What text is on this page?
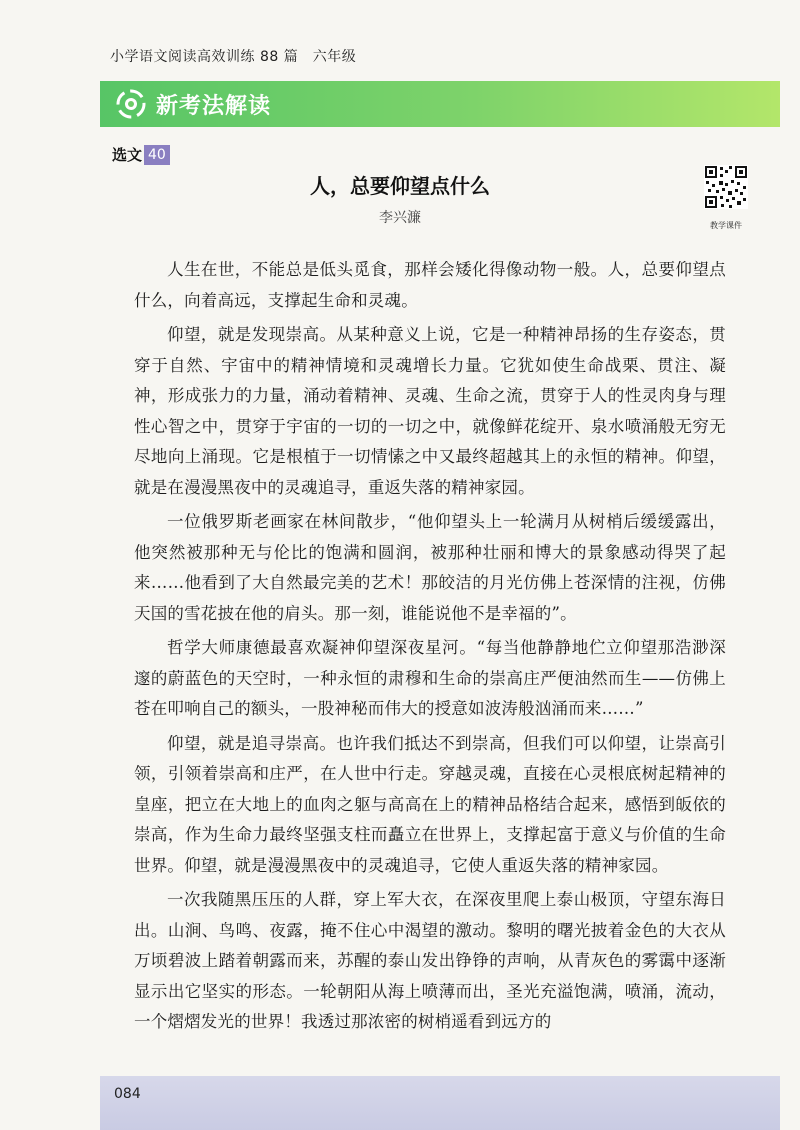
小学语文阅读高效训练 88 篇　六年级
新考法解读
选文 40
人，总要仰望点什么
李兴濂	教学课件

人生在世，不能总是低头觅食，那样会矮化得像动物一般。人，总要仰望点什么，向着高远，支撑起生命和灵魂。

仰望，就是发现崇高。从某种意义上说，它是一种精神昂扬的生存姿态，贯穿于自然、宇宙中的精神情境和灵魂增长力量。它犹如使生命战栗、贯注、凝神，形成张力的力量，涌动着精神、灵魂、生命之流，贯穿于人的性灵肉身与理性心智之中，贯穿于宇宙的一切的一切之中，就像鲜花绽开、泉水喷涌般无穷无尽地向上涌现。它是根植于一切情愫之中又最终超越其上的永恒的精神。仰望，就是在漫漫黑夜中的灵魂追寻，重返失落的精神家园。

一位俄罗斯老画家在林间散步，“他仰望头上一轮满月从树梢后缓缓露出，他突然被那种无与伦比的饱满和圆润，被那种壮丽和博大的景象感动得哭了起来……他看到了大自然最完美的艺术！那皎洁的月光仿佛上苍深情的注视，仿佛天国的雪花披在他的肩头。那一刻，谁能说他不是幸福的”。

哲学大师康德最喜欢凝神仰望深夜星河。“每当他静静地伫立仰望那浩渺深邃的蔚蓝色的天空时，一种永恒的肃穆和生命的崇高庄严便油然而生——仿佛上苍在叩响自己的额头，一股神秘而伟大的授意如波涛般汹涌而来……”

仰望，就是追寻崇高。也许我们抵达不到崇高，但我们可以仰望，让崇高引领，引领着崇高和庄严，在人世中行走。穿越灵魂，直接在心灵根底树起精神的皇座，把立在大地上的血肉之躯与高高在上的精神品格结合起来，感悟到皈依的崇高，作为生命力最终坚强支柱而矗立在世界上，支撑起富于意义与价值的生命世界。仰望，就是漫漫黑夜中的灵魂追寻，它使人重返失落的精神家园。

一次我随黑压压的人群，穿上军大衣，在深夜里爬上泰山极顶，守望东海日出。山涧、鸟鸣、夜露，掩不住心中渴望的激动。黎明的曙光披着金色的大衣从万顷碧波上踏着朝露而来，苏醒的泰山发出铮铮的声响，从青灰色的雾霭中逐渐显示出它坚实的形态。一轮朝阳从海上喷薄而出，圣光充溢饱满，喷涌，流动，一个熠熠发光的世界！我透过那浓密的树梢遥看到远方的

084
